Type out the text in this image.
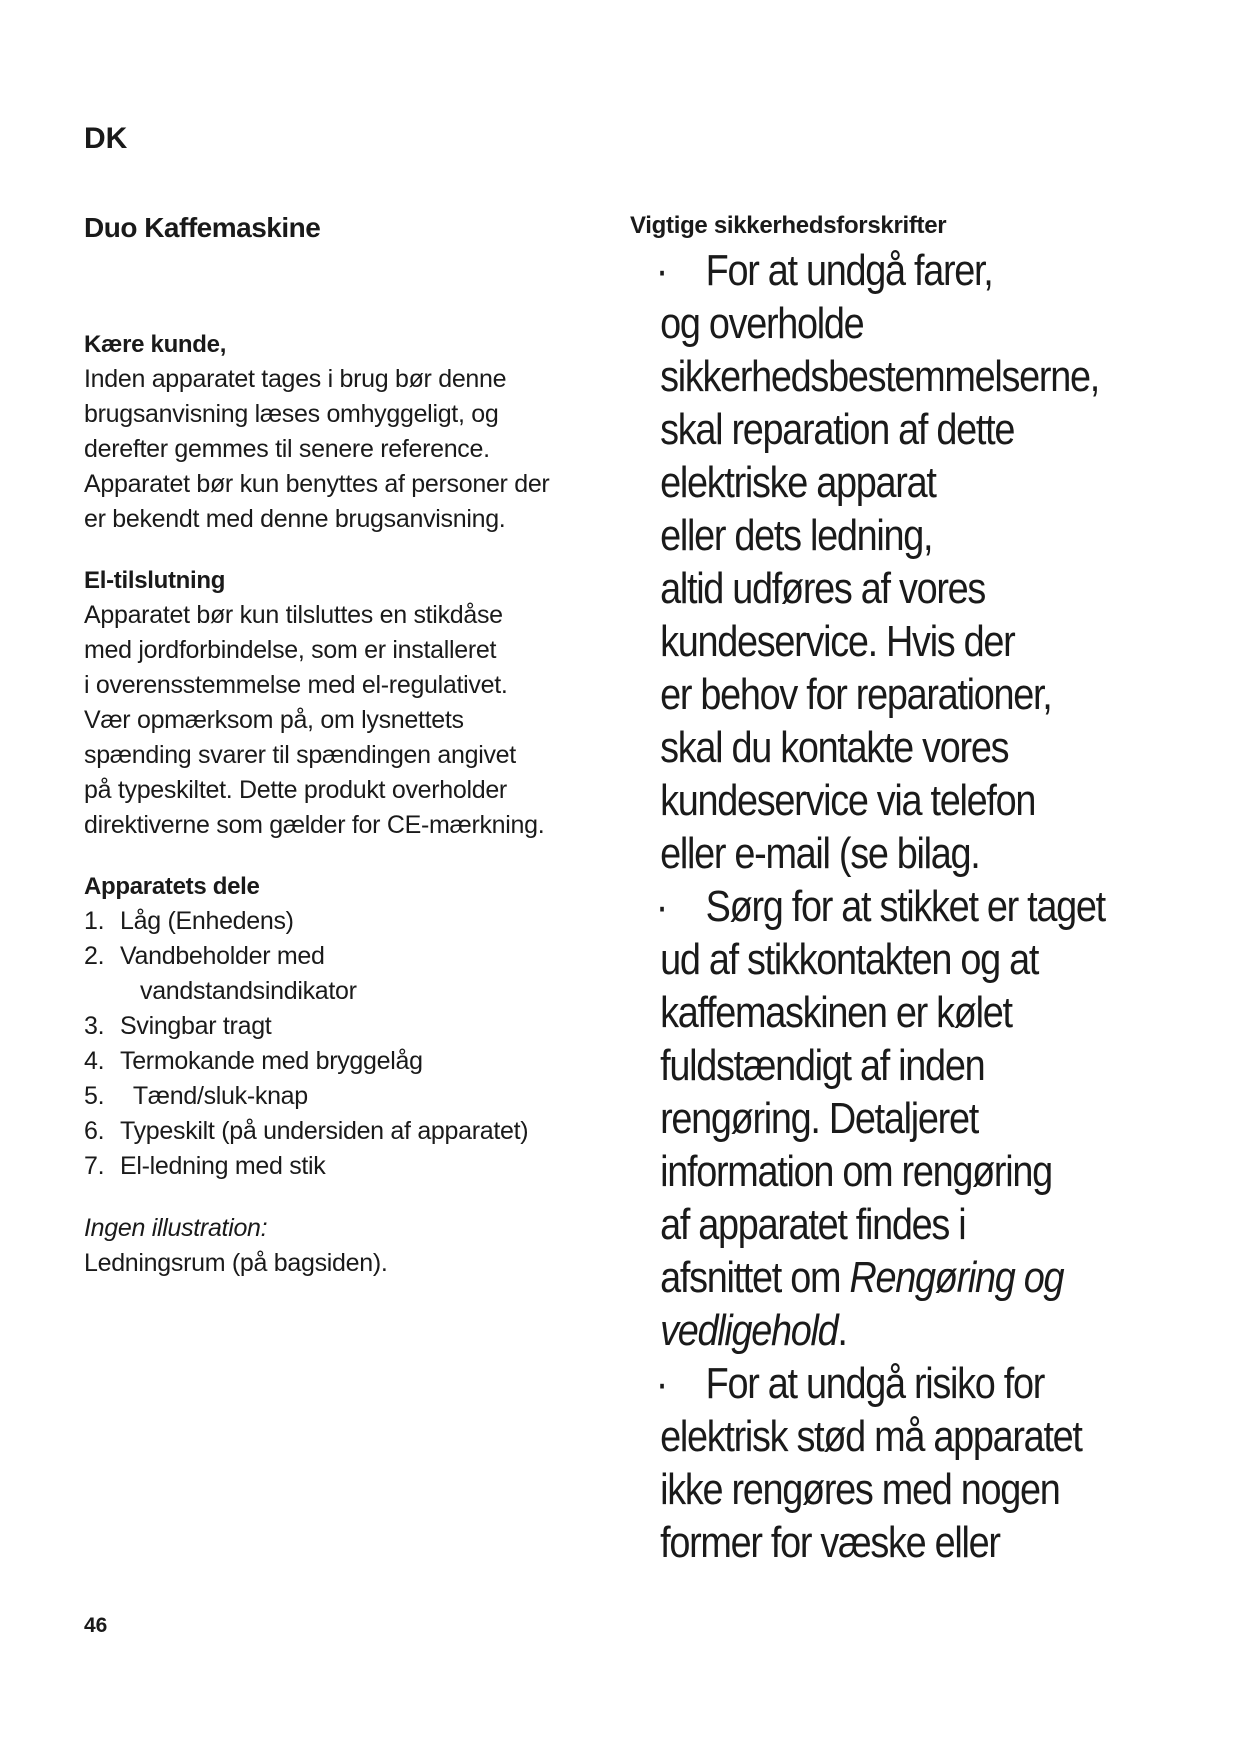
DK
Duo Kaffemaskine

Kære kunde,

Inden apparatet tages i brug bør denne

brugsanvisning læses omhyggeligt, og

derefter gemmes til senere reference.

Apparatet bør kun benyttes af personer der

er bekendt med denne brugsanvisning.

El-tilslutning

Apparatet bør kun tilsluttes en stikdåse

med jordforbindelse, som er installeret

i overensstemmelse med el-regulativet.

Vær opmærksom på, om lysnettets

spænding svarer til spændingen angivet

på typeskiltet. Dette produkt overholder

direktiverne som gælder for CE-mærkning.

Apparatets dele

1. Låg (Enhedens)
2. Vandbeholder med
vandstandsindikator
3. Svingbar tragt
4. Termokande med bryggelåg
5.  Tænd/sluk-knap
6. Typeskilt (på undersiden af apparatet)
7. El-ledning med stik

Ingen illustration:

Ledningsrum (på bagsiden).

Vigtige sikkerhedsforskrifter

· For at undgå farer,

og overholde

sikkerhedsbestemmelserne,

skal reparation af dette

elektriske apparat

eller dets ledning,

altid udføres af vores

kundeservice. Hvis der

er behov for reparationer,

skal du kontakte vores

kundeservice via telefon

eller e-mail (se bilag.

· Sørg for at stikket er taget

ud af stikkontakten og at

kaffemaskinen er kølet

fuldstændigt af inden

rengøring. Detaljeret

information om rengøring

af apparatet findes i

afsnittet om Rengøring og

vedligehold.

· For at undgå risiko for

elektrisk stød må apparatet

ikke rengøres med nogen

former for væske eller

46
